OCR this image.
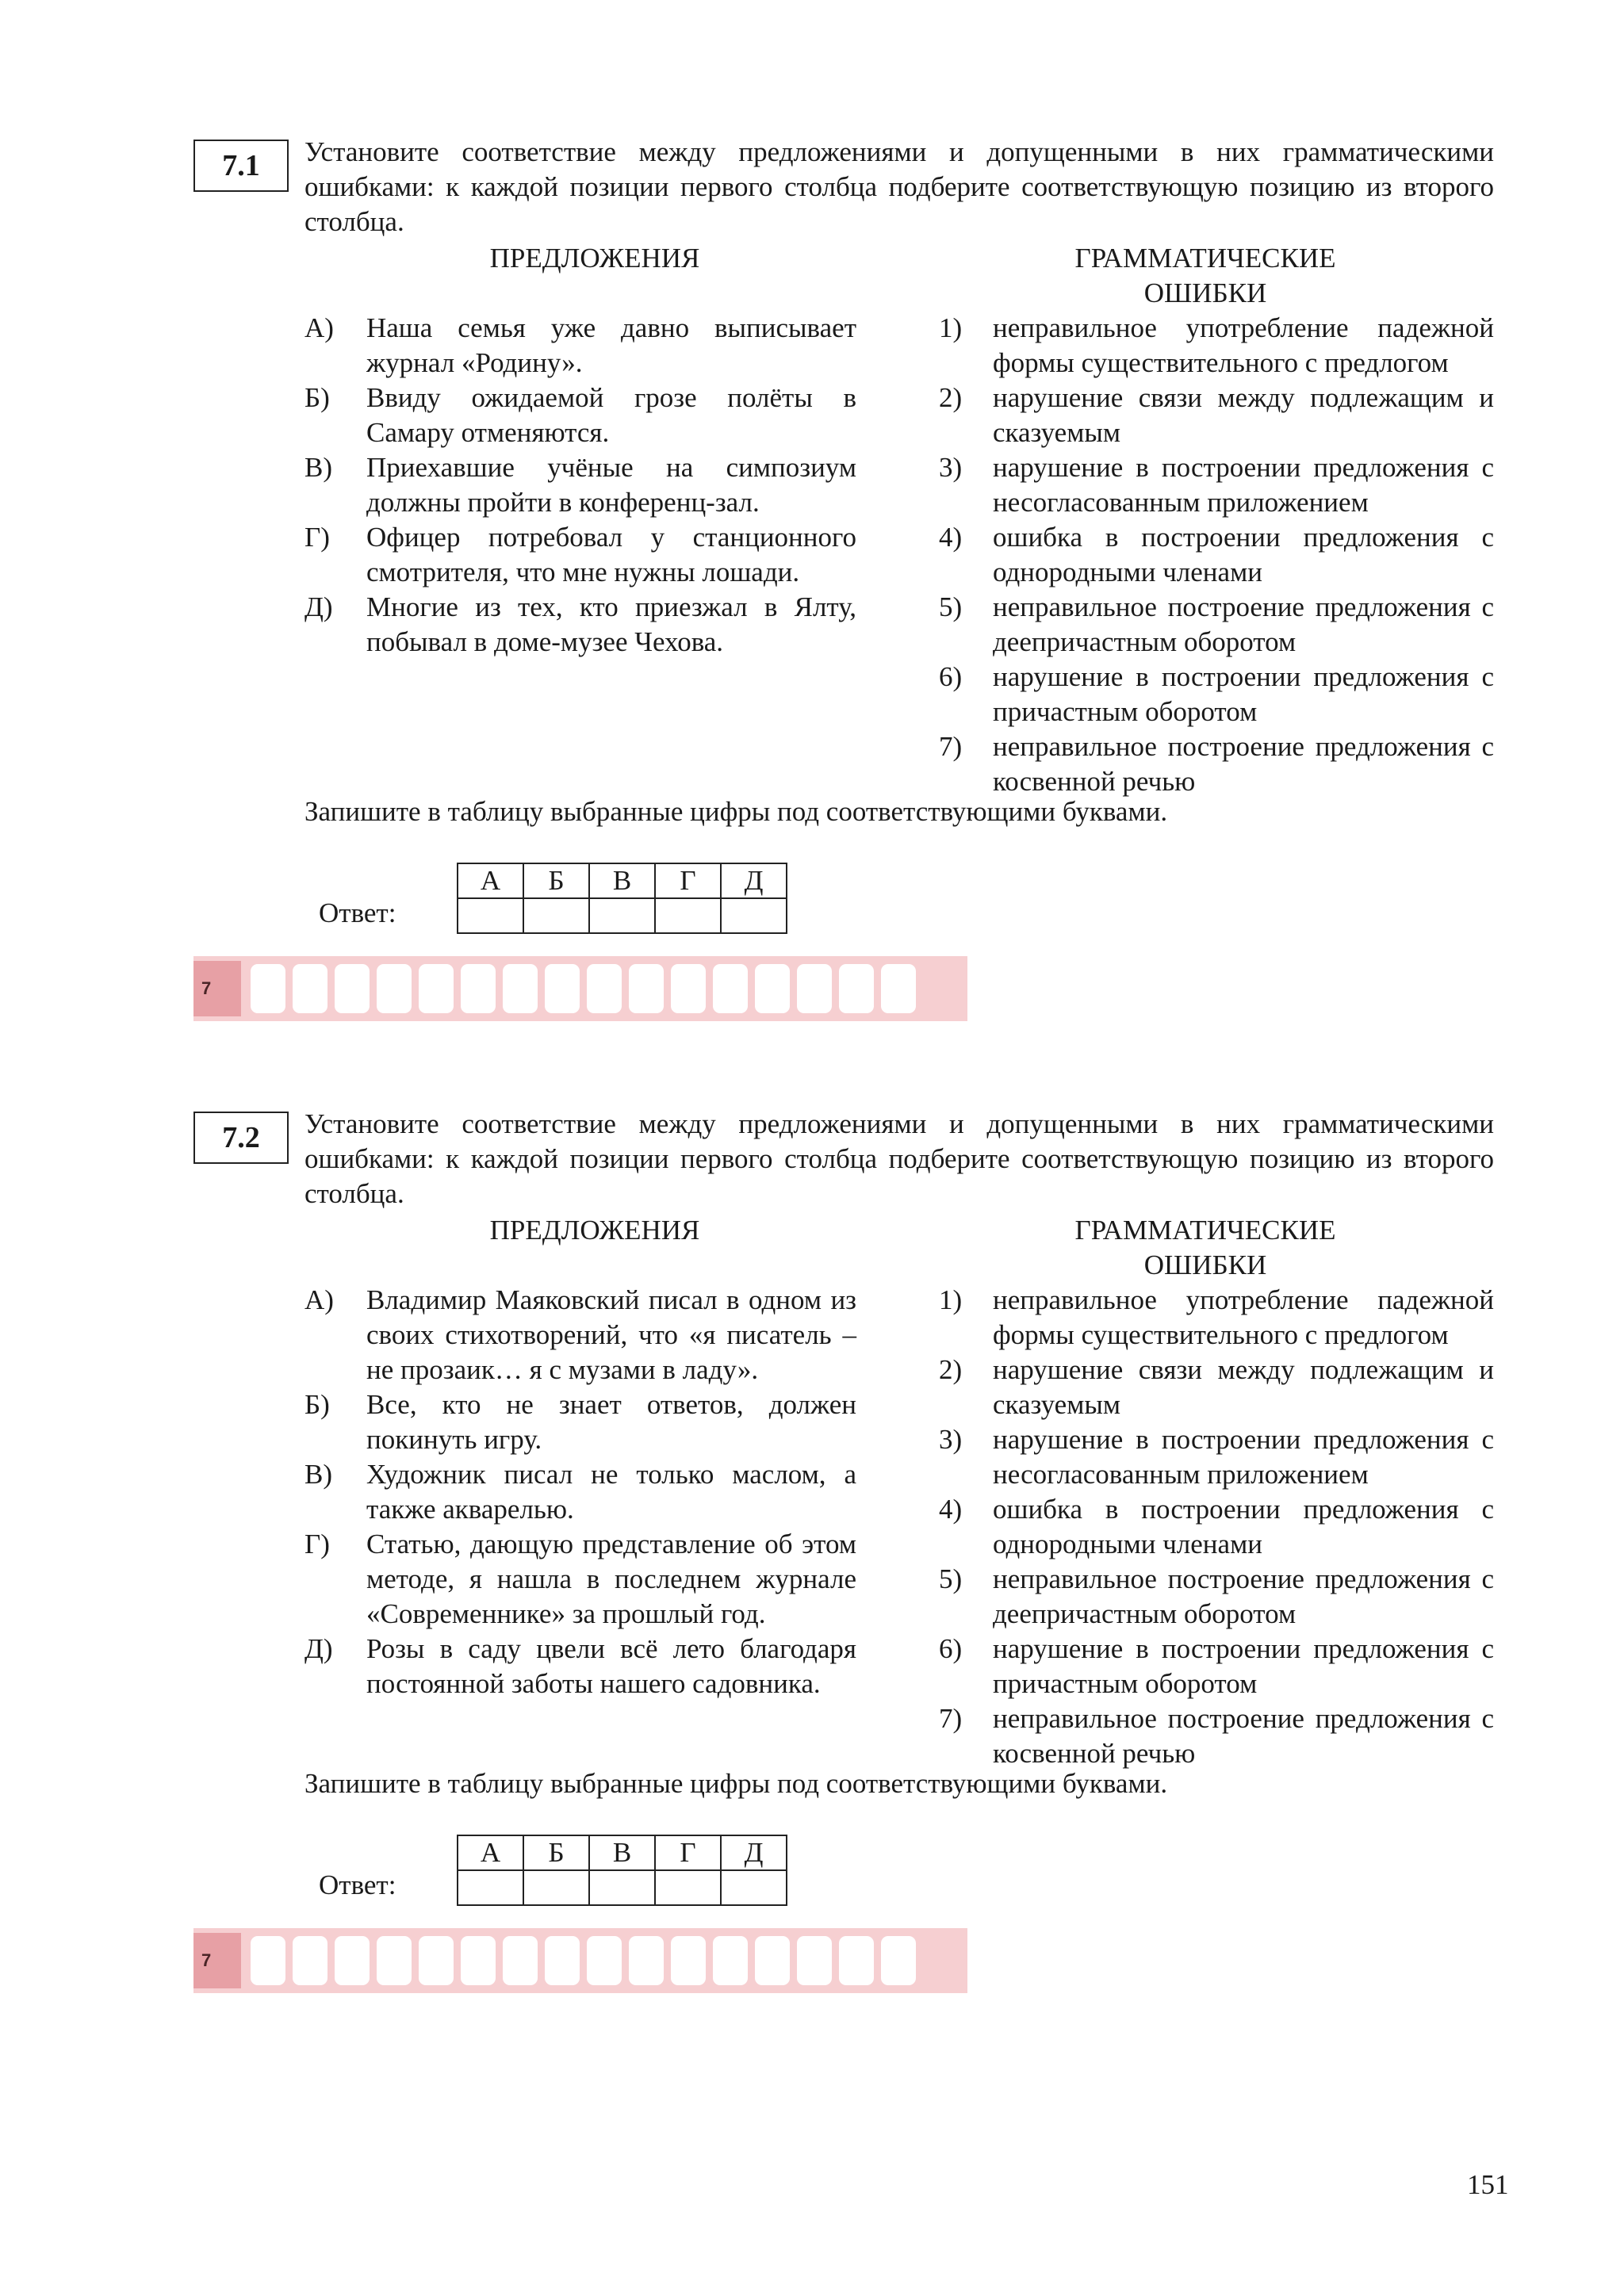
7.1	Установите соответствие между предложениями и допущенными в них грамматическими ошибками: к каждой позиции первого столбца подберите соответствующую позицию из второго столбца.
ПРЕДЛОЖЕНИЯ	ГРАММАТИЧЕСКИЕ
ОШИБКИ
А)	Наша семья уже давно выписывает журнал «Родину».
Б)	Ввиду ожидаемой грозе полёты в Самару отменяются.
В)	Приехавшие учёные на симпозиум должны пройти в конференц-зал.
Г)	Офицер потребовал у станционного смотрителя, что мне нужны лошади.
Д)	Многие из тех, кто приезжал в Ялту, побывал в доме-музее Чехова.
1)	неправильное употребление падежной формы существительного с предлогом
2)	нарушение связи между подлежащим и сказуемым
3)	нарушение в построении предложения с несогласованным приложением
4)	ошибка в построении предложения с однородными членами
5)	неправильное построение предложения с деепричастным оборотом
6)	нарушение в построении предложения с причастным оборотом
7)	неправильное построение предложения с косвенной речью
Запишите в таблицу выбранные цифры под соответствующими буквами.
Ответ:
А	Б	В	Г	Д

7
7.2	Установите соответствие между предложениями и допущенными в них грамматическими ошибками: к каждой позиции первого столбца подберите соответствующую позицию из второго столбца.
ПРЕДЛОЖЕНИЯ	ГРАММАТИЧЕСКИЕ
ОШИБКИ
А)	Владимир Маяковский писал в одном из своих стихотворений, что «я писатель – не прозаик… я с музами в ладу».
Б)	Все, кто не знает ответов, должен покинуть игру.
В)	Художник писал не только маслом, а также акварелью.
Г)	Статью, дающую представление об этом методе, я нашла в последнем журнале «Современнике» за прошлый год.
Д)	Розы в саду цвели всё лето благодаря постоянной заботы нашего садовника.
1)	неправильное употребление падежной формы существительного с предлогом
2)	нарушение связи между подлежащим и сказуемым
3)	нарушение в построении предложения с несогласованным приложением
4)	ошибка в построении предложения с однородными членами
5)	неправильное построение предложения с деепричастным оборотом
6)	нарушение в построении предложения с причастным оборотом
7)	неправильное построение предложения с косвенной речью
Запишите в таблицу выбранные цифры под соответствующими буквами.
Ответ:
А	Б	В	Г	Д

7
151
